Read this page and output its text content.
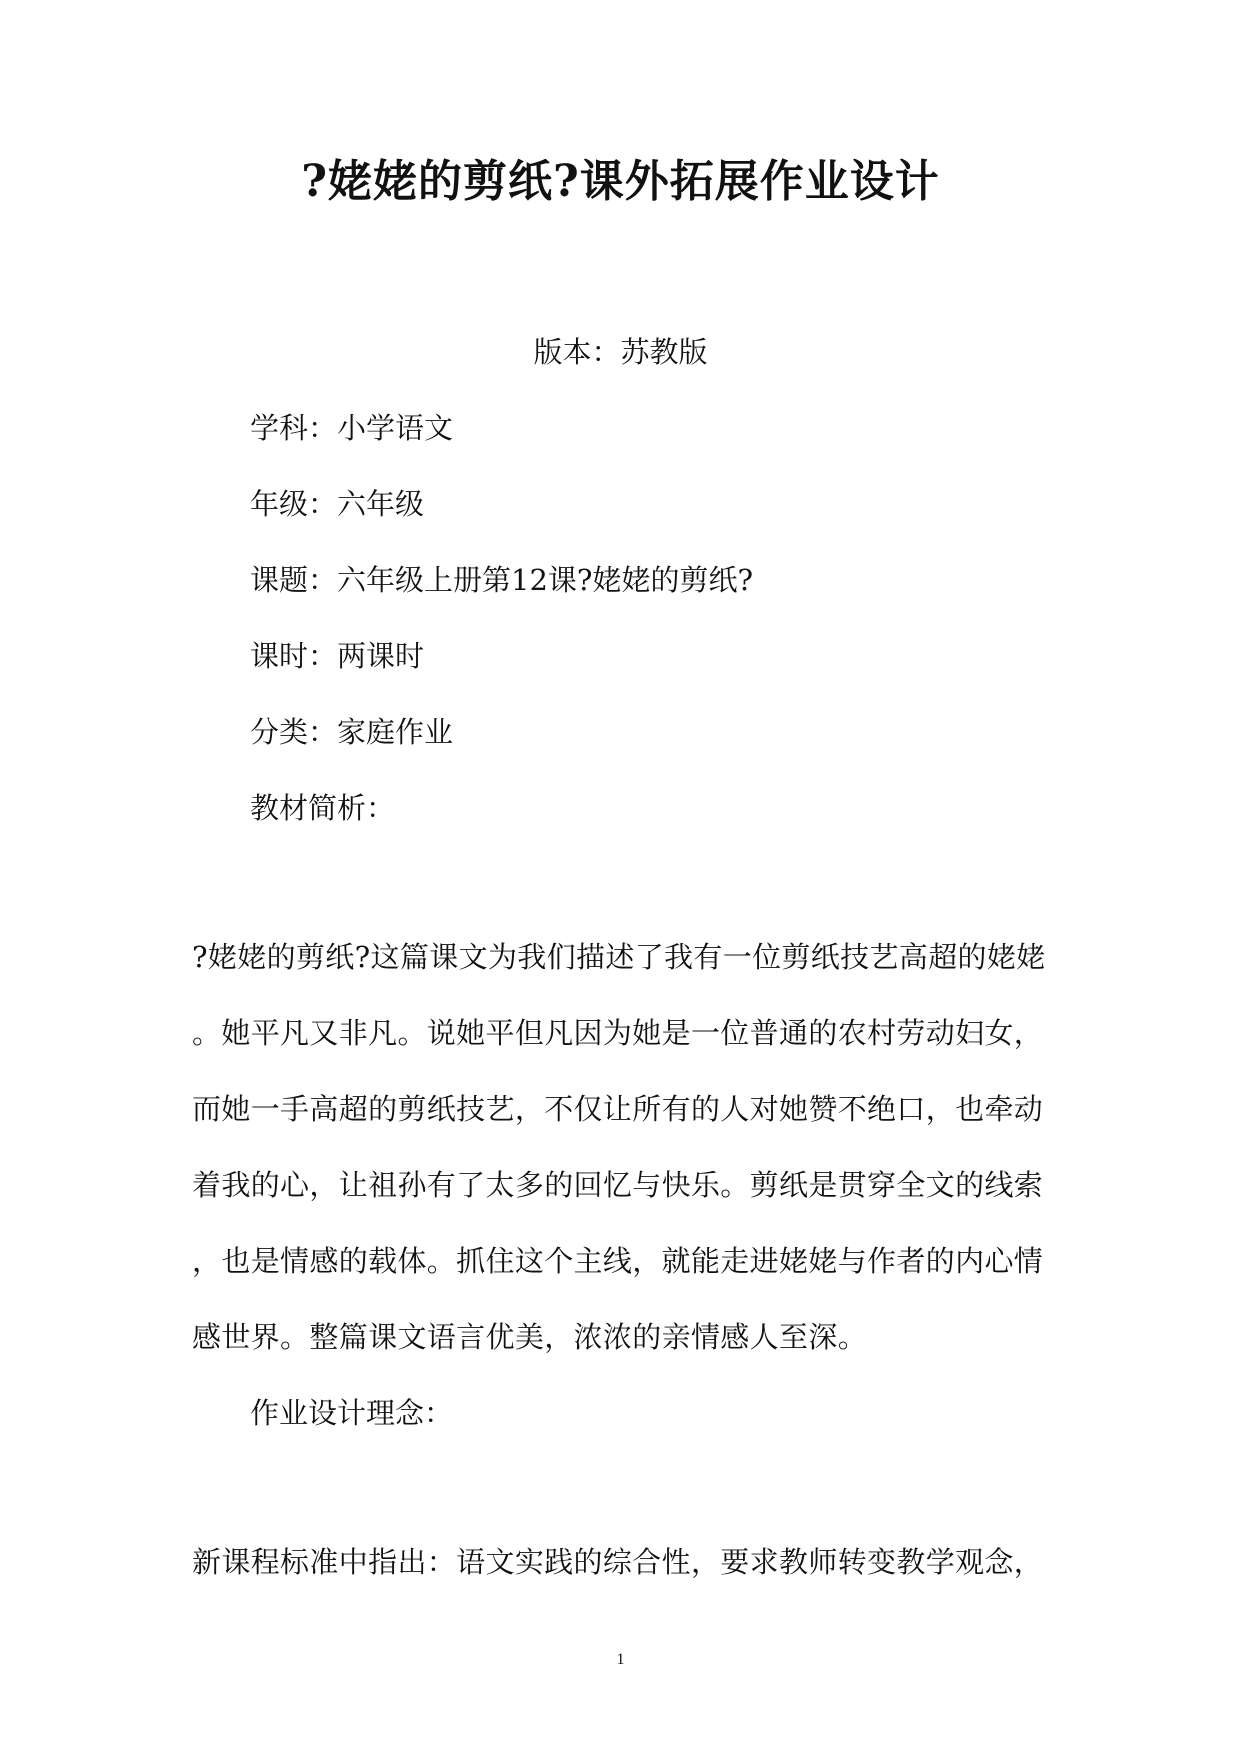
?姥姥的剪纸?课外拓展作业设计
版本：苏教版
学科：小学语文
年级：六年级
课题：六年级上册第12课?姥姥的剪纸?
课时：两课时
分类：家庭作业
教材简析：
?姥姥的剪纸?这篇课文为我们描述了我有一位剪纸技艺高超的姥姥
。她平凡又非凡。说她平但凡因为她是一位普通的农村劳动妇女，
而她一手高超的剪纸技艺，不仅让所有的人对她赞不绝口，也牵动
着我的心，让祖孙有了太多的回忆与快乐。剪纸是贯穿全文的线索
，也是情感的载体。抓住这个主线，就能走进姥姥与作者的内心情
感世界。整篇课文语言优美，浓浓的亲情感人至深。
作业设计理念：
新课程标准中指出：语文实践的综合性，要求教师转变教学观念，
1
